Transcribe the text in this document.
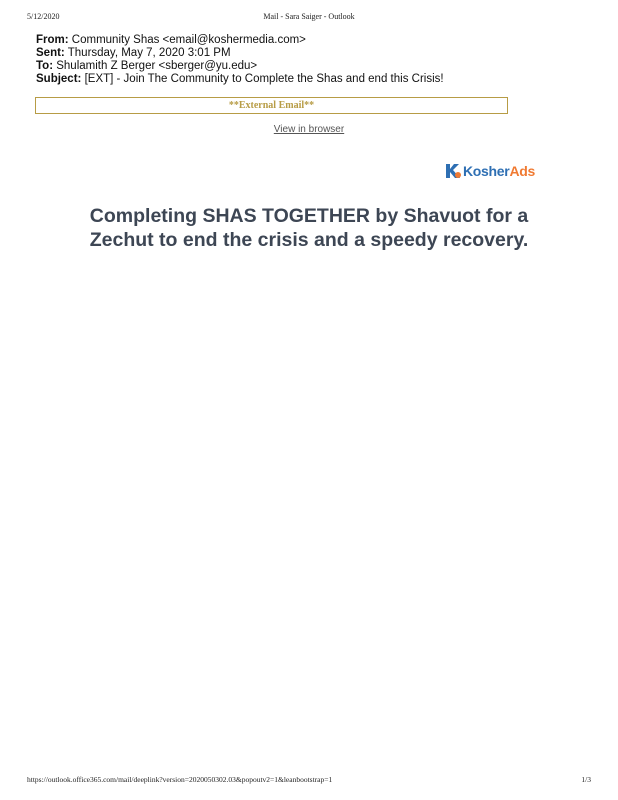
5/12/2020	Mail - Sara Saiger - Outlook
From: Community Shas <email@koshermedia.com>
Sent: Thursday, May 7, 2020 3:01 PM
To: Shulamith Z Berger <sberger@yu.edu>
Subject: [EXT] - Join The Community to Complete the Shas and end this Crisis!
**External Email**
View in browser
KosherAds
Completing SHAS TOGETHER by Shavuot for a
Zechut to end the crisis and a speedy recovery.
https://outlook.office365.com/mail/deeplink?version=2020050302.03&popoutv2=1&leanbootstrap=1	1/3
